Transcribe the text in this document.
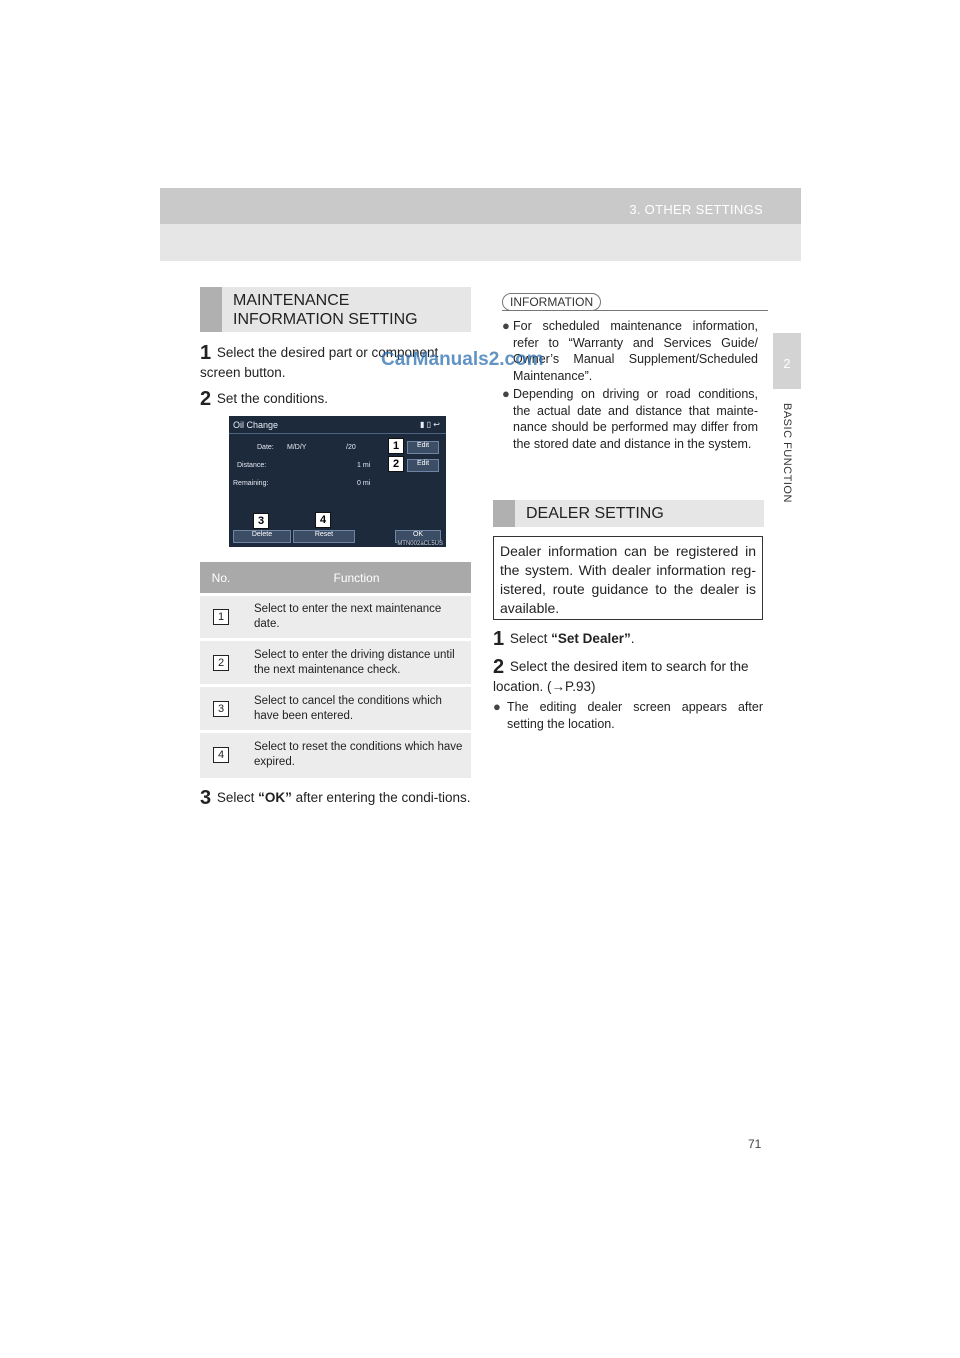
3. OTHER SETTINGS
2
BASIC FUNCTION
MAINTENANCE
INFORMATION SETTING
1 Select the desired part or component screen button.
2 Set the conditions.
Oil Change	▮ ▯ ↩
Date: M/D/Y	/20	Edit
Distance:	1 mi	Edit
Remaining:	0 mi
Delete	Reset	OK
1
2
3	4
MTN002aCL5US
No.	Function
1	Select to enter the next maintenance date.
2	Select to enter the driving distance until the next maintenance check.
3	Select to cancel the conditions which have been entered.
4	Select to reset the conditions which have expired.
3 Select “OK” after entering the condi-tions.
INFORMATION
● For scheduled maintenance information, refer to “Warranty and Services Guide/ Owner’s Manual Supplement/Scheduled Maintenance”.
● Depending on driving or road conditions, the actual date and distance that mainte-nance should be performed may differ from the stored date and distance in the system.
DEALER SETTING
Dealer information can be registered in the system. With dealer information reg-istered, route guidance to the dealer is available.
1 Select “Set Dealer”.
2 Select the desired item to search for the location. (→P.93)
● The editing dealer screen appears after setting the location.
CarManuals2.com
71
